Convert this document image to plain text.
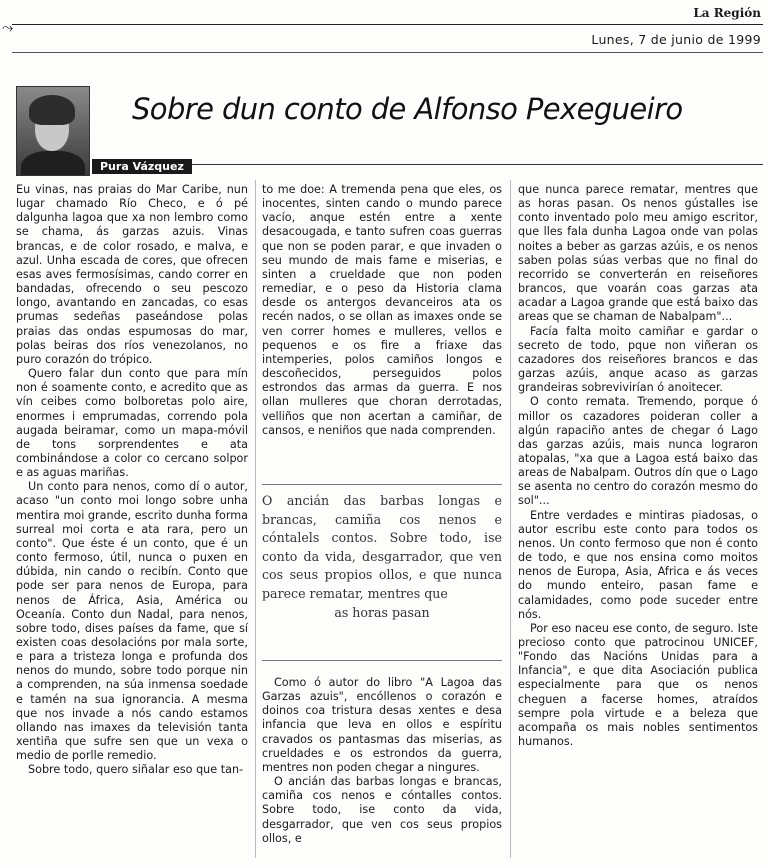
⤳
La Región
Lunes, 7 de junio de 1999
Sobre dun conto de Alfonso Pexegueiro
Pura Vázquez

Eu vinas, nas praias do Mar Caribe, nun lugar chamado Río Checo, e ó pé dalgunha lagoa que xa non lembro como se chama, ás garzas azuis. Vinas brancas, e de color rosado, e malva, e azul. Unha escada de cores, que ofrecen esas aves fermosísimas, cando correr en bandadas, ofrecendo o seu pescozo longo, avantando en zancadas, co esas prumas sedeñas paseándose polas praias das ondas espumosas do mar, polas beiras dos ríos venezolanos, no puro corazón do trópico.

Quero falar dun conto que para mín non é soamente conto, e acredito que as vín ceibes como bolboretas polo aire, enormes i emprumadas, correndo pola augada beiramar, como un mapa-móvil de tons sorprendentes e ata combinándose a color co cercano solpor e as aguas mariñas.

Un conto para nenos, como dí o autor, acaso "un conto moi longo sobre unha mentira moi grande, escrito dunha forma surreal moi corta e ata rara, pero un conto". Que éste é un conto, que é un conto fermoso, útil, nunca o puxen en dúbida, nin cando o recibín. Conto que pode ser para nenos de Europa, para nenos de África, Asia, América ou Oceanía. Conto dun Nadal, para nenos, sobre todo, dises países da fame, que sí existen coas desolacións por mala sorte, e para a tristeza longa e profunda dos nenos do mundo, sobre todo porque nin a comprenden, na súa inmensa soedade e tamén na sua ignorancia. A mesma que nos invade a nós cando estamos ollando nas imaxes da televisión tanta xentiña que sufre sen que un vexa o medio de porlle remedio.

Sobre todo, quero siñalar eso que tan-

to me doe: A tremenda pena que eles, os inocentes, sinten cando o mundo parece vacío, anque estén entre a xente desacougada, e tanto sufren coas guerras que non se poden parar, e que invaden o seu mundo de mais fame e miserias, e sinten a crueldade que non poden remediar, e o peso da Historia clama desde os antergos devanceiros ata os recén nados, o se ollan as imaxes onde se ven correr homes e mulleres, vellos e pequenos e os fire a friaxe das intemperies, polos camiños longos e descoñecidos, perseguidos polos estrondos das armas da guerra. E nos ollan mulleres que choran derrotadas, velliños que non acertan a camiñar, de cansos, e neniños que nada comprenden.

O ancián das barbas longas e brancas, camiña cos nenos e cóntalels contos. Sobre todo, ise conto da vida, desgarrador, que ven cos seus propios ollos, e que nunca parece rematar, mentres que
as horas pasan

Como ó autor do libro "A Lagoa das Garzas azuis", encóllenos o corazón e doinos coa tristura desas xentes e desa infancia que leva en ollos e espíritu cravados os pantasmas das miserias, as crueldades e os estrondos da guerra, mentres non poden chegar a ningures.

O ancián das barbas longas e brancas, camiña cos nenos e cóntalles contos. Sobre todo, ise conto da vida, desgarrador, que ven cos seus propios ollos, e

que nunca parece rematar, mentres que as horas pasan. Os nenos gústalles ise conto inventado polo meu amigo escritor, que lles fala dunha Lagoa onde van polas noites a beber as garzas azúis, e os nenos saben polas súas verbas que no final do recorrido se converterán en reiseñores brancos, que voarán coas garzas ata acadar a Lagoa grande que está baixo das areas que se chaman de Nabalpam"...

Facía falta moito camiñar e gardar o secreto de todo, pque non viñeran os cazadores dos reiseñores brancos e das garzas azúis, anque acaso as garzas grandeiras sobrevivirían ó anoitecer.

O conto remata. Tremendo, porque ó millor os cazadores poideran coller a algún rapaciño antes de chegar ó Lago das garzas azúis, mais nunca lograron atopalas, "xa que a Lagoa está baixo das areas de Nabalpam. Outros dín que o Lago se asenta no centro do corazón mesmo do sol"...

Entre verdades e mintiras piadosas, o autor escribu este conto para todos os nenos. Un conto fermoso que non é conto de todo, e que nos ensina como moitos nenos de Europa, Asia, Africa e ás veces do mundo enteiro, pasan fame e calamidades, como pode suceder entre nós.

Por eso naceu ese conto, de seguro. Iste precioso conto que patrocinou UNICEF, "Fondo das Nacións Unidas para a Infancia", e que dita Asociación publica especialmente para que os nenos cheguen a facerse homes, atraídos sempre pola virtude e a beleza que acompaña os mais nobles sentimentos humanos.
